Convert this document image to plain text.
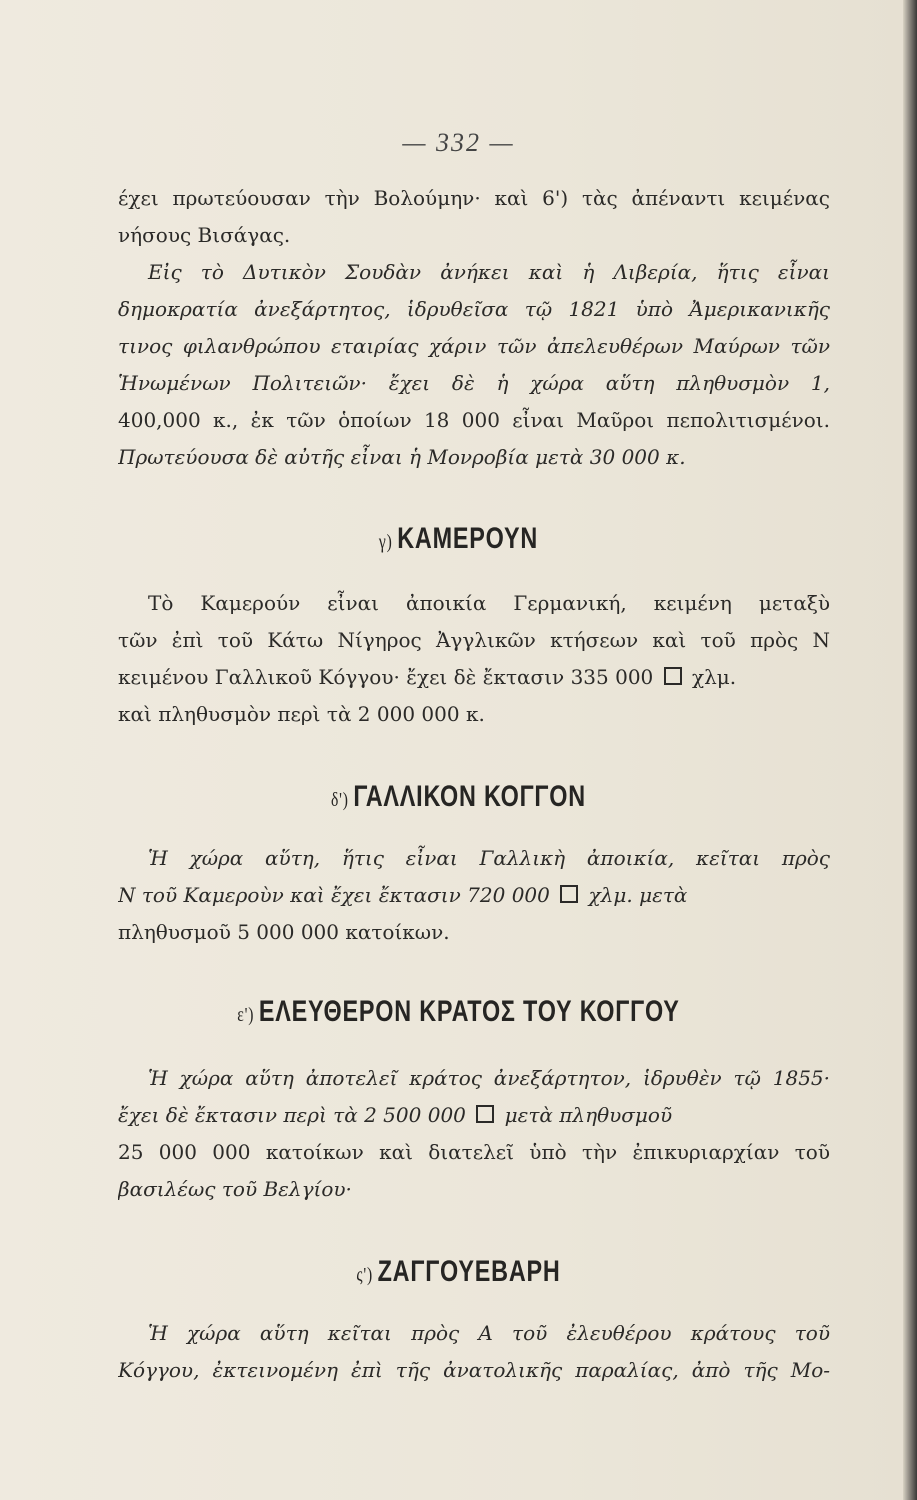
— 332 —
έχει πρωτεύουσαν τὴν Βολούμην· καὶ 6') τὰς ἀπέναντι κειμένας
νήσους Βισάγας.
Εἰς τὸ Δυτικὸν Σουδὰν ἀνήκει καὶ ἡ Λιβερία, ἥτις εἶναι
δημοκρατία ἀνεξάρτητος, ἱδρυθεῖσα τῷ 1821 ὑπὸ Ἀμερικανικῆς
τινος φιλανθρώπου εταιρίας χάριν τῶν ἀπελευθέρων Μαύρων τῶν
Ἡνωμένων Πολιτειῶν· ἔχει δὲ ἡ χώρα αὕτη πληθυσμὸν 1,
400,000 κ., ἐκ τῶν ὁποίων 18 000 εἶναι Μαῦροι πεπολιτισμένοι.
Πρωτεύουσα δὲ αὐτῆς εἶναι ἡ Μονροβία μετὰ 30 000 κ.
γ) ΚΑΜΕΡΟΥΝ
Τὸ Καμερούν εἶναι ἀποικία Γερμανική, κειμένη μεταξὺ
τῶν ἐπὶ τοῦ Κάτω Νίγηρος Ἀγγλικῶν κτήσεων καὶ τοῦ πρὸς Ν
κειμένου Γαλλικοῦ Κόγγου· ἔχει δὲ ἔκτασιν 335 000 χλμ.
καὶ πληθυσμὸν περὶ τὰ 2 000 000 κ.
δ') ΓΑΛΛΙΚΟΝ ΚΟΓΓΟΝ
Ἡ χώρα αὕτη, ἥτις εἶναι Γαλλικὴ ἀποικία, κεῖται πρὸς
Ν τοῦ Καμεροὺν καὶ ἔχει ἔκτασιν 720 000 χλμ. μετὰ
πληθυσμοῦ 5 000 000 κατοίκων.
ε') ΕΛΕΥΘΕΡΟΝ ΚΡΑΤΟΣ ΤΟΥ ΚΟΓΓΟΥ
Ἡ χώρα αὕτη ἀποτελεῖ κράτος ἀνεξάρτητον, ἱδρυθὲν τῷ 1855·
ἔχει δὲ ἔκτασιν περὶ τὰ 2 500 000 μετὰ πληθυσμοῦ
25 000 000 κατοίκων καὶ διατελεῖ ὑπὸ τὴν ἐπικυριαρχίαν τοῦ
βασιλέως τοῦ Βελγίου·
ς') ΖΑΓΓΟΥΕΒΑΡΗ
Ἡ χώρα αὕτη κεῖται πρὸς Α τοῦ ἐλευθέρου κράτους τοῦ
Κόγγου, ἐκτεινομένη ἐπὶ τῆς ἀνατολικῆς παραλίας, ἀπὸ τῆς Μο-
